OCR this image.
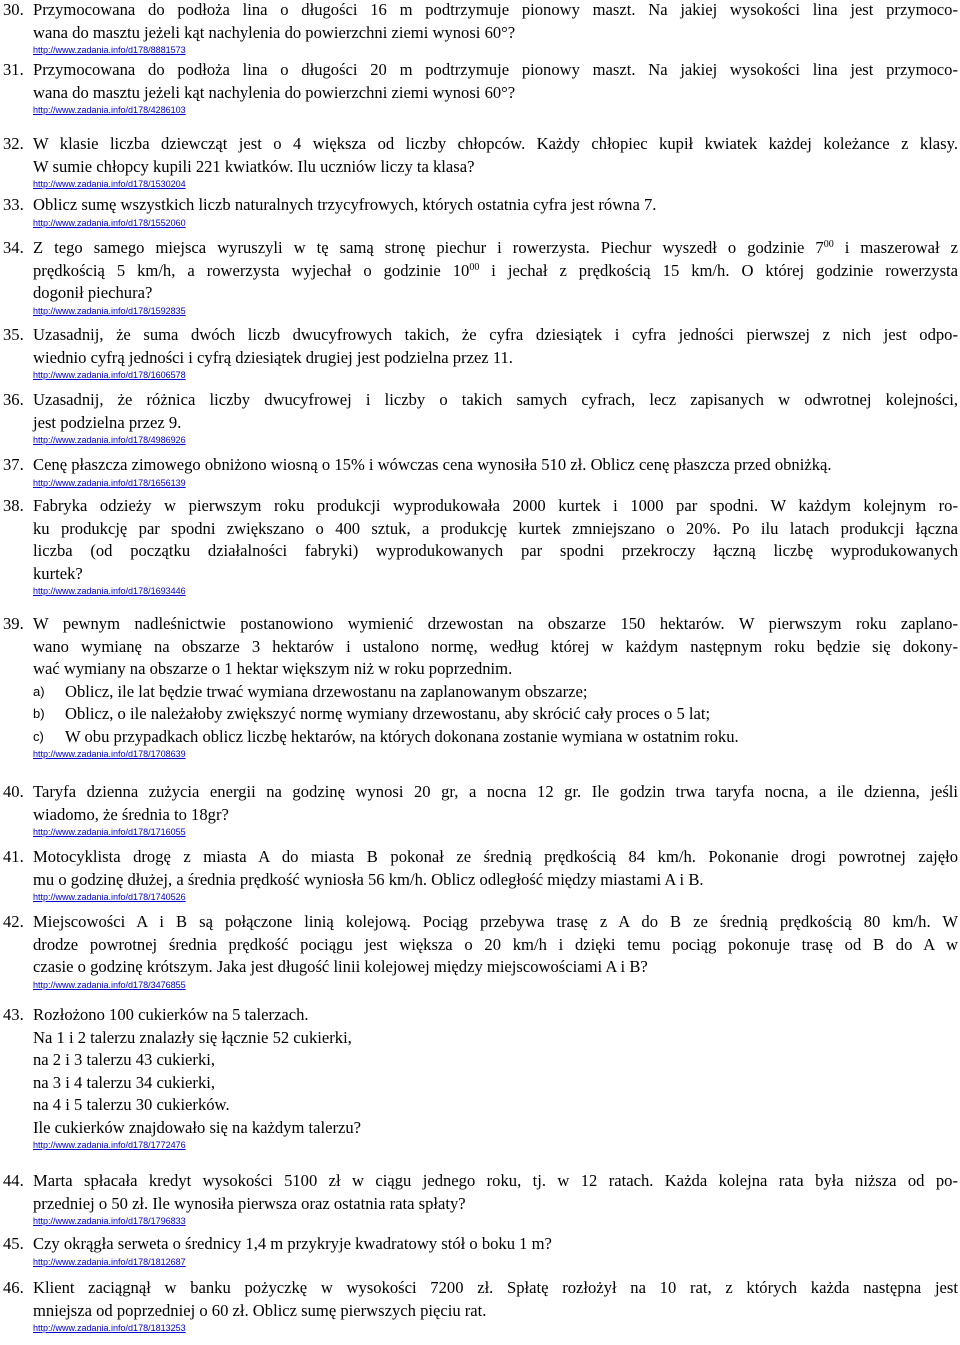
30. Przymocowana do podłoża lina o długości 16 m podtrzymuje pionowy maszt. Na jakiej wysokości lina jest przymoco-
wana do masztu jeżeli kąt nachylenia do powierzchni ziemi wynosi 60°?
http://www.zadania.info/d178/8881573
31. Przymocowana do podłoża lina o długości 20 m podtrzymuje pionowy maszt. Na jakiej wysokości lina jest przymoco-
wana do masztu jeżeli kąt nachylenia do powierzchni ziemi wynosi 60°?
http://www.zadania.info/d178/4286103
32. W klasie liczba dziewcząt jest o 4 większa od liczby chłopców. Każdy chłopiec kupił kwiatek każdej koleżance z klasy.
W sumie chłopcy kupili 221 kwiatków. Ilu uczniów liczy ta klasa?
http://www.zadania.info/d178/1530204
33. Oblicz sumę wszystkich liczb naturalnych trzycyfrowych, których ostatnia cyfra jest równa 7.
http://www.zadania.info/d178/1552060
34. Z tego samego miejsca wyruszyli w tę samą stronę piechur i rowerzysta. Piechur wyszedł o godzinie $7^{00}$ i maszerował z
prędkością 5 km/h, a rowerzysta wyjechał o godzinie $10^{00}$ i jechał z prędkością 15 km/h. O której godzinie rowerzysta
dogonił piechura?
http://www.zadania.info/d178/1592835
35. Uzasadnij, że suma dwóch liczb dwucyfrowych takich, że cyfra dziesiątek i cyfra jedności pierwszej z nich jest odpo-
wiednio cyfrą jedności i cyfrą dziesiątek drugiej jest podzielna przez 11.
http://www.zadania.info/d178/1606578
36. Uzasadnij, że różnica liczby dwucyfrowej i liczby o takich samych cyfrach, lecz zapisanych w odwrotnej kolejności,
jest podzielna przez 9.
http://www.zadania.info/d178/4986926
37. Cenę płaszcza zimowego obniżono wiosną o 15% i wówczas cena wynosiła 510 zł. Oblicz cenę płaszcza przed obniżką.
http://www.zadania.info/d178/1656139
38. Fabryka odzieży w pierwszym roku produkcji wyprodukowała 2000 kurtek i 1000 par spodni. W każdym kolejnym ro-
ku produkcję par spodni zwiększano o 400 sztuk, a produkcję kurtek zmniejszano o 20%. Po ilu latach produkcji łączna
liczba (od początku działalności fabryki) wyprodukowanych par spodni przekroczy łączną liczbę wyprodukowanych
kurtek?
http://www.zadania.info/d178/1693446
39. W pewnym nadleśnictwie postanowiono wymienić drzewostan na obszarze 150 hektarów. W pierwszym roku zaplano-
wano wymianę na obszarze 3 hektarów i ustalono normę, według której w każdym następnym roku będzie się dokony-
wać wymiany na obszarze o 1 hektar większym niż w roku poprzednim.
a) Oblicz, ile lat będzie trwać wymiana drzewostanu na zaplanowanym obszarze;
b) Oblicz, o ile należałoby zwiększyć normę wymiany drzewostanu, aby skrócić cały proces o 5 lat;
c) W obu przypadkach oblicz liczbę hektarów, na których dokonana zostanie wymiana w ostatnim roku.
http://www.zadania.info/d178/1708639
40. Taryfa dzienna zużycia energii na godzinę wynosi 20 gr, a nocna 12 gr. Ile godzin trwa taryfa nocna, a ile dzienna, jeśli
wiadomo, że średnia to 18gr?
http://www.zadania.info/d178/1716055
41. Motocyklista drogę z miasta A do miasta B pokonał ze średnią prędkością 84 km/h. Pokonanie drogi powrotnej zajęło
mu o godzinę dłużej, a średnia prędkość wyniosła 56 km/h. Oblicz odległość między miastami A i B.
http://www.zadania.info/d178/1740526
42. Miejscowości A i B są połączone linią kolejową. Pociąg przebywa trasę z A do B ze średnią prędkością 80 km/h. W
drodze powrotnej średnia prędkość pociągu jest większa o 20 km/h i dzięki temu pociąg pokonuje trasę od B do A w
czasie o godzinę krótszym. Jaka jest długość linii kolejowej między miejscowościami A i B?
http://www.zadania.info/d178/3476855
43. Rozłożono 100 cukierków na 5 talerzach.
Na 1 i 2 talerzu znalazły się łącznie 52 cukierki,
na 2 i 3 talerzu 43 cukierki,
na 3 i 4 talerzu 34 cukierki,
na 4 i 5 talerzu 30 cukierków.
Ile cukierków znajdowało się na każdym talerzu?
http://www.zadania.info/d178/1772476
44. Marta spłacała kredyt wysokości 5100 zł w ciągu jednego roku, tj. w 12 ratach. Każda kolejna rata była niższa od po-
przedniej o 50 zł. Ile wynosiła pierwsza oraz ostatnia rata spłaty?
http://www.zadania.info/d178/1796833
45. Czy okrągła serweta o średnicy 1,4 m przykryje kwadratowy stół o boku 1 m?
http://www.zadania.info/d178/1812687
46. Klient zaciągnął w banku pożyczkę w wysokości 7200 zł. Spłatę rozłożył na 10 rat, z których każda następna jest
mniejsza od poprzedniej o 60 zł. Oblicz sumę pierwszych pięciu rat.
http://www.zadania.info/d178/1813253
